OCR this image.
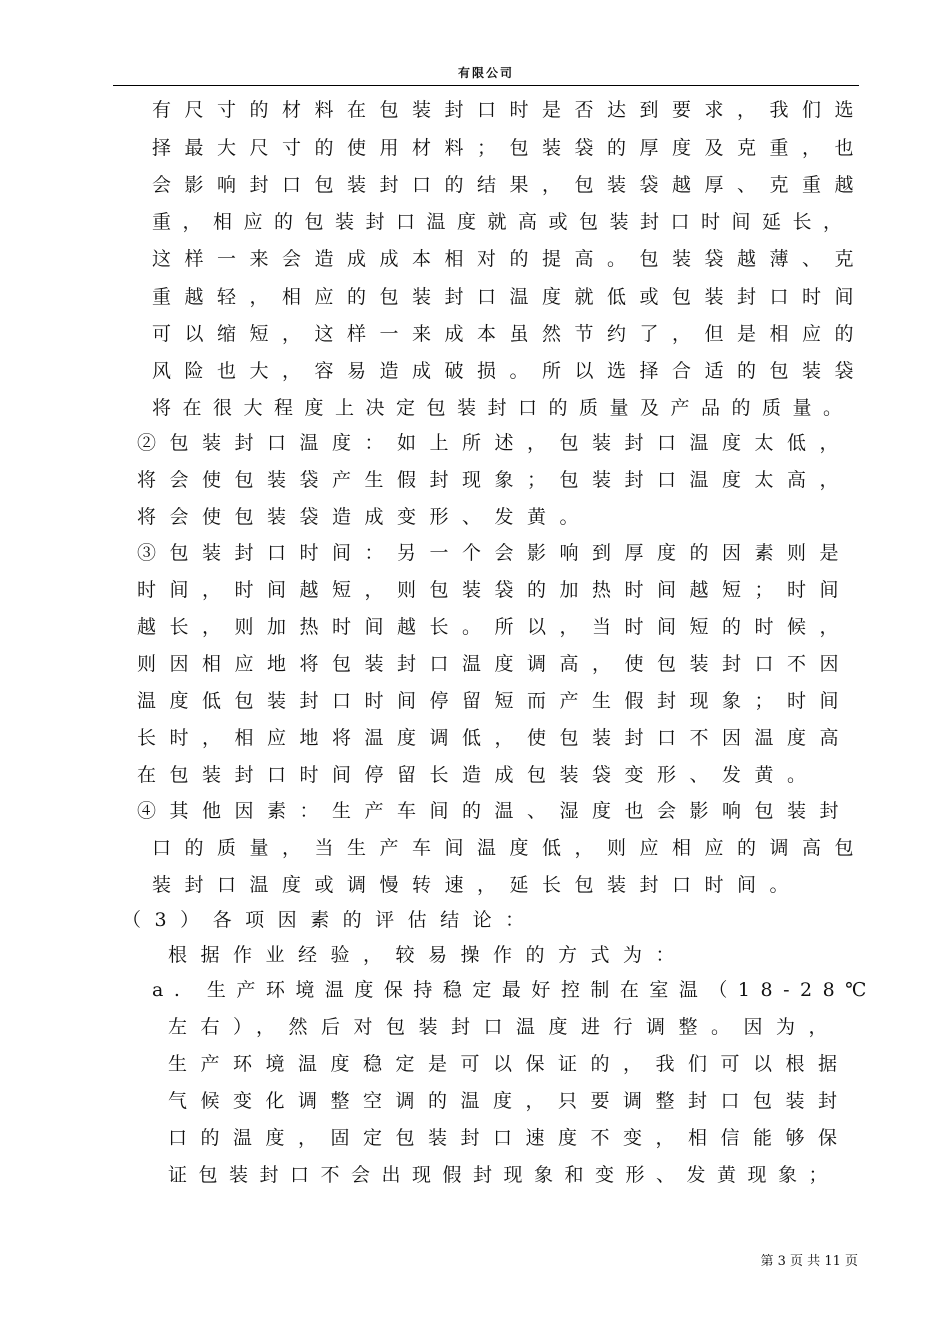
有限公司
有尺寸的材料在包装封口时是否达到要求，我们选
择最大尺寸的使用材料；包装袋的厚度及克重，也
会影响封口包装封口的结果，包装袋越厚、克重越
重，相应的包装封口温度就高或包装封口时间延长，
这样一来会造成成本相对的提高。包装袋越薄、克
重越轻，相应的包装封口温度就低或包装封口时间
可以缩短，这样一来成本虽然节约了，但是相应的
风险也大，容易造成破损。所以选择合适的包装袋
将在很大程度上决定包装封口的质量及产品的质量。
②包装封口温度：如上所述，包装封口温度太低，
将会使包装袋产生假封现象；包装封口温度太高，
将会使包装袋造成变形、发黄。
③包装封口时间：另一个会影响到厚度的因素则是
时间，时间越短，则包装袋的加热时间越短；时间
越长，则加热时间越长。所以，当时间短的时候，
则因相应地将包装封口温度调高，使包装封口不因
温度低包装封口时间停留短而产生假封现象；时间
长时，相应地将温度调低，使包装封口不因温度高
在包装封口时间停留长造成包装袋变形、发黄。
④其他因素：生产车间的温、湿度也会影响包装封
口的质量，当生产车间温度低，则应相应的调高包
装封口温度或调慢转速，延长包装封口时间。
（3）各项因素的评估结论：
根据作业经验，较易操作的方式为：
a. 生产环境温度保持稳定最好控制在室温（18-28℃
左右），然后对包装封口温度进行调整。因为，
生产环境温度稳定是可以保证的，我们可以根据
气候变化调整空调的温度，只要调整封口包装封
口的温度，固定包装封口速度不变，相信能够保
证包装封口不会出现假封现象和变形、发黄现象；
第 3 页 共 11 页
